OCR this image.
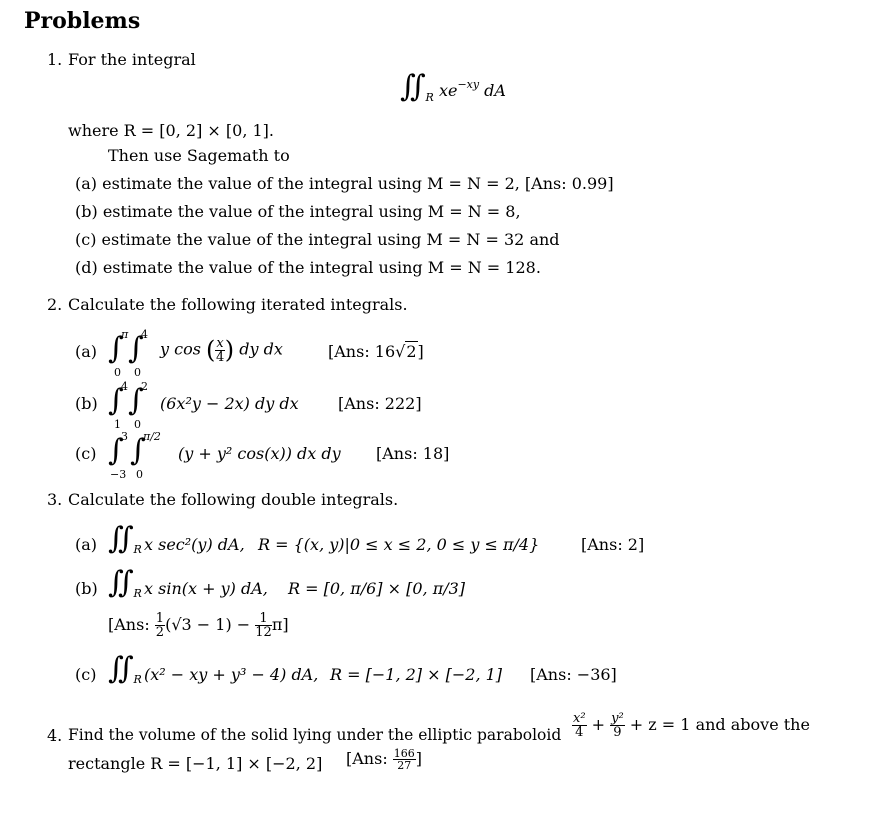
Problems
1. For the integral
$∬_R$ $xe^{-xy}$ dA
where R = [0, 2] × [0, 1].
Then use Sagemath to
(a) estimate the value of the integral using M = N = 2, [Ans: 0.99]
(b) estimate the value of the integral using M = N = 8,
(c) estimate the value of the integral using M = N = 32 and
(d) estimate the value of the integral using M = N = 128.
2. Calculate the following iterated integrals.
(a) ∫
π
0
∫
4
0
y cos ( $\frac{x}{4}$ ) dy dx	[Ans: 16√2]
(b) ∫
4
1
∫
2
0
(6x²y − 2x) dy dx [Ans: 222]
(c) ∫
3
−3
∫
π/2
0
(y + y² cos(x)) dx dy [Ans: 18]
3. Calculate the following double integrals.
(a) $∬_R$ x sec²(y) dA, R = {(x, y)|0 ≤ x ≤ 2, 0 ≤ y ≤ π/4}	[Ans: 2]
(b) $∬_R$ x sin(x + y) dA, R = [0, π/6] × [0, π/3]
[Ans: $\frac{1}{2} (√3 - 1) - \frac{1}{12} \pi$]
(c) $∬_R$ (x² − xy + y³ − 4) dA, R = [−1, 2] × [−2, 1] [Ans: −36]
4. Find the volume of the solid lying under the elliptic paraboloid $\frac{\text{x²}}{4} + \frac{\text{y²}}{9} + z = 1$ and above the
rectangle R = [−1, 1] × [−2, 2] [Ans: $\frac{166}{27}$ ]
